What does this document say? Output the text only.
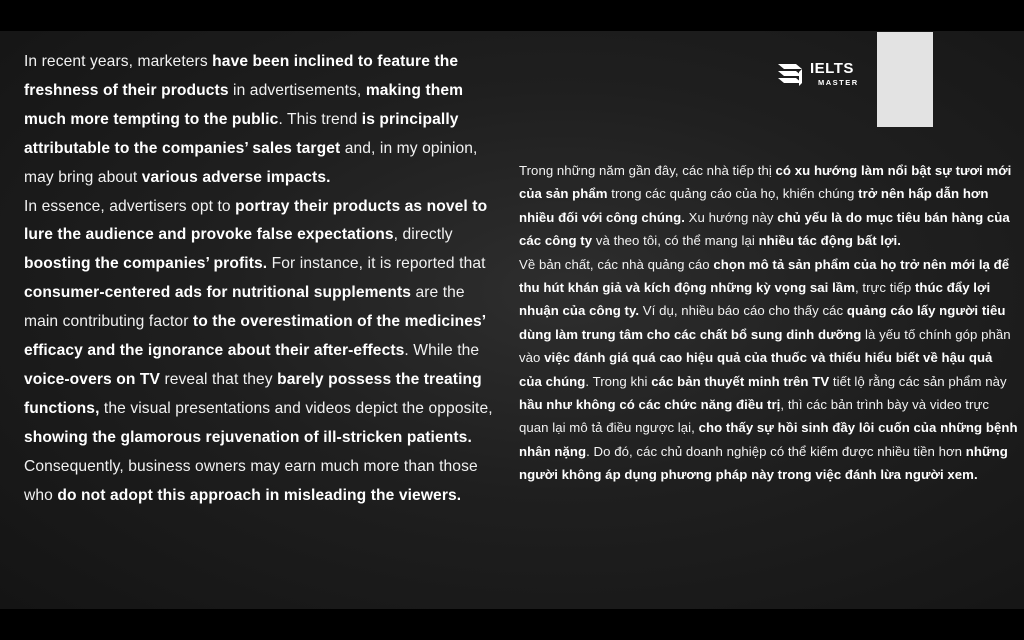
In recent years, marketers have been inclined to feature the freshness of their products in advertisements, making them much more tempting to the public. This trend is principally attributable to the companies’ sales target and, in my opinion, may bring about various adverse impacts.

In essence, advertisers opt to portray their products as novel to lure the audience and provoke false expectations, directly boosting the companies’ profits. For instance, it is reported that consumer-centered ads for nutritional supplements are the main contributing factor to the overestimation of the medicines’ efficacy and the ignorance about their after-effects. While the voice-overs on TV reveal that they barely possess the treating functions, the visual presentations and videos depict the opposite, showing the glamorous rejuvenation of ill-stricken patients. Consequently, business owners may earn much more than those who do not adopt this approach in misleading the viewers.

Trong những năm gần đây, các nhà tiếp thị có xu hướng làm nổi bật sự tươi mới của sản phẩm trong các quảng cáo của họ, khiến chúng trở nên hấp dẫn hơn nhiều đối với công chúng. Xu hướng này chủ yếu là do mục tiêu bán hàng của các công ty và theo tôi, có thể mang lại nhiều tác động bất lợi.

Về bản chất, các nhà quảng cáo chọn mô tả sản phẩm của họ trở nên mới lạ để thu hút khán giả và kích động những kỳ vọng sai lầm, trực tiếp thúc đẩy lợi nhuận của công ty. Ví dụ, nhiều báo cáo cho thấy các quảng cáo lấy người tiêu dùng làm trung tâm cho các chất bổ sung dinh dưỡng là yếu tố chính góp phần vào việc đánh giá quá cao hiệu quả của thuốc và thiếu hiểu biết về hậu quả của chúng. Trong khi các bản thuyết minh trên TV tiết lộ rằng các sản phẩm này hầu như không có các chức năng điều trị, thì các bản trình bày và video trực quan lại mô tả điều ngược lại, cho thấy sự hồi sinh đầy lôi cuốn của những bệnh nhân nặng. Do đó, các chủ doanh nghiệp có thể kiếm được nhiều tiền hơn những người không áp dụng phương pháp này trong việc đánh lừa người xem.

IELTS
MASTER
